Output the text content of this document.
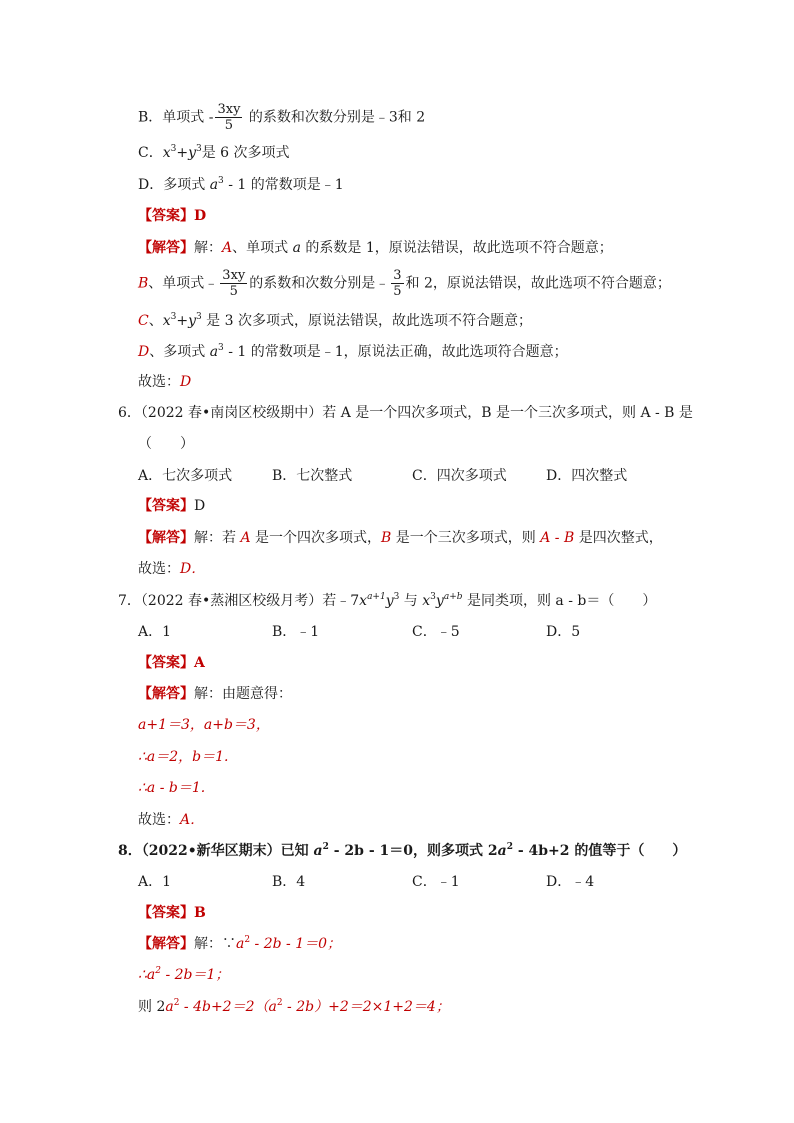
B．单项式 - $\frac{3xy}{5}$ 的系数和次数分别是﹣3和 2
C．$x^3+y^3$是 6 次多项式
D．多项式 $a^3 - 1$ 的常数项是﹣1
【答案】D
【解答】解：A、单项式 a 的系数是 1，原说法错误，故此选项不符合题意；
B、单项式﹣ $\frac{3xy}{5}$ 的系数和次数分别是﹣ $\frac{3}{5}$ 和 2，原说法错误，故此选项不符合题意；
C、$x^3+y^3$ 是 3 次多项式，原说法错误，故此选项不符合题意；
D、多项式 $a^3 - 1$ 的常数项是﹣1，原说法正确，故此选项符合题意；
故选：D
6．（2022 春•南岗区校级期中）若 A 是一个四次多项式，B 是一个三次多项式，则 A - B 是
（　　）
A．七次多项式	B．七次整式	C．四次多项式	D．四次整式
【答案】D
【解答】解：若 A 是一个四次多项式，B 是一个三次多项式，则 A - B 是四次整式，
故选：D．
7．（2022 春•蒸湘区校级月考）若$﹣7x^{a+1}y^3$ 与 $x^3y^{a+b}$ 是同类项，则 a - b＝（　　）
A．1	B．﹣1	C．﹣5	D．5
【答案】A
【解答】解：由题意得：
a+1＝3，a+b＝3，
∴a＝2，b＝1.
∴a - b＝1.
故选：A．
8．（2022•新华区期末）已知 $a^2 - 2b - 1=0$，则多项式 $2a^2 - 4b+2$ 的值等于（　　）
A．1	B．4	C．﹣1	D．﹣4
【答案】B
【解答】解：$\because a^2 - 2b - 1=0$；
$\therefore a^2 - 2b=1$；
则 $2a^2 - 4b+2=2(a^2 - 2b)+2=2\times 1+2=4$；
